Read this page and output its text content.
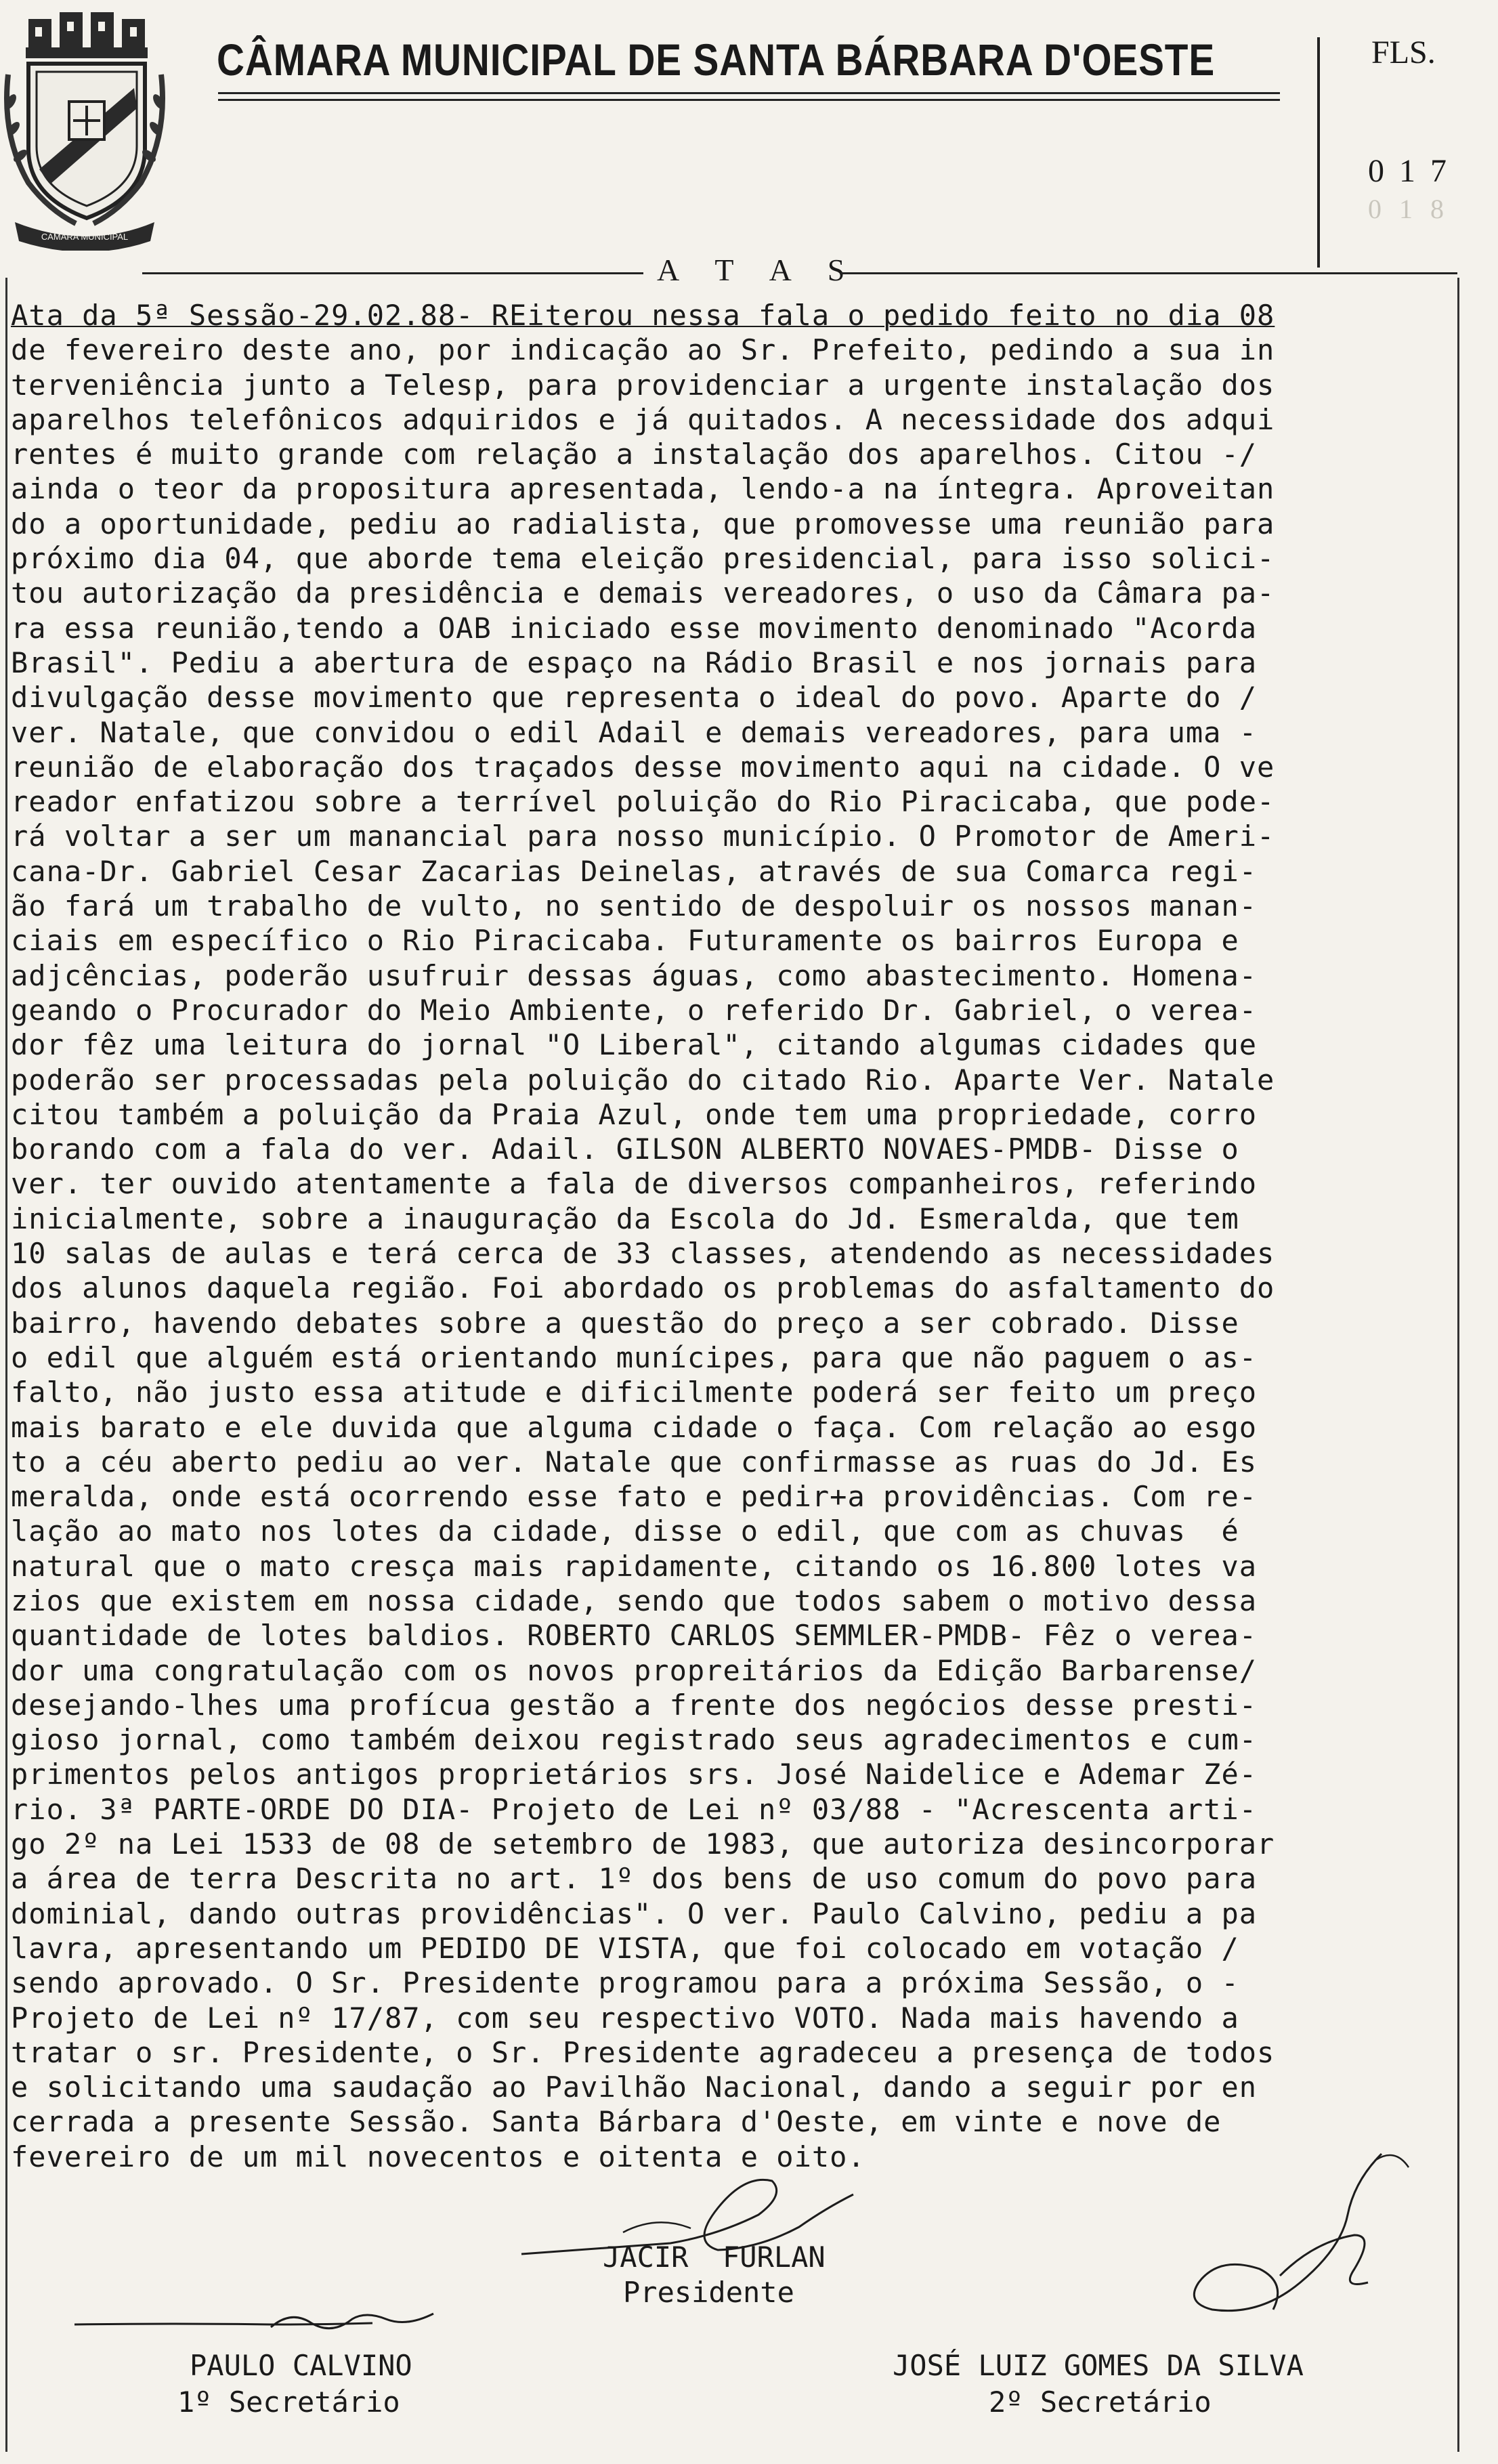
CAMARA MUNICIPAL
CÂMARA MUNICIPAL DE SANTA BÁRBARA D'OESTE	FLS.
017
018
A T A S
Ata da 5ª Sessão-29.02.88- REiterou nessa fala o pedido feito no dia 08
de fevereiro deste ano, por indicação ao Sr. Prefeito, pedindo a sua in
terveniência junto a Telesp, para providenciar a urgente instalação dos
aparelhos telefônicos adquiridos e já quitados. A necessidade dos adqui
rentes é muito grande com relação a instalação dos aparelhos. Citou -/
ainda o teor da propositura apresentada, lendo-a na íntegra. Aproveitan
do a oportunidade, pediu ao radialista, que promovesse uma reunião para
próximo dia 04, que aborde tema eleição presidencial, para isso solici-
tou autorização da presidência e demais vereadores, o uso da Câmara pa-
ra essa reunião,tendo a OAB iniciado esse movimento denominado "Acorda
Brasil". Pediu a abertura de espaço na Rádio Brasil e nos jornais para
divulgação desse movimento que representa o ideal do povo. Aparte do /
ver. Natale, que convidou o edil Adail e demais vereadores, para uma -
reunião de elaboração dos traçados desse movimento aqui na cidade. O ve
reador enfatizou sobre a terrível poluição do Rio Piracicaba, que pode-
rá voltar a ser um manancial para nosso município. O Promotor de Ameri-
cana-Dr. Gabriel Cesar Zacarias Deinelas, através de sua Comarca regi-
ão fará um trabalho de vulto, no sentido de despoluir os nossos manan-
ciais em específico o Rio Piracicaba. Futuramente os bairros Europa e
adjcências, poderão usufruir dessas águas, como abastecimento. Homena-
geando o Procurador do Meio Ambiente, o referido Dr. Gabriel, o verea-
dor fêz uma leitura do jornal "O Liberal", citando algumas cidades que
poderão ser processadas pela poluição do citado Rio. Aparte Ver. Natale
citou também a poluição da Praia Azul, onde tem uma propriedade, corro
borando com a fala do ver. Adail. GILSON ALBERTO NOVAES-PMDB- Disse o
ver. ter ouvido atentamente a fala de diversos companheiros, referindo
inicialmente, sobre a inauguração da Escola do Jd. Esmeralda, que tem
10 salas de aulas e terá cerca de 33 classes, atendendo as necessidades
dos alunos daquela região. Foi abordado os problemas do asfaltamento do
bairro, havendo debates sobre a questão do preço a ser cobrado. Disse
o edil que alguém está orientando munícipes, para que não paguem o as-
falto, não justo essa atitude e dificilmente poderá ser feito um preço
mais barato e ele duvida que alguma cidade o faça. Com relação ao esgo
to a céu aberto pediu ao ver. Natale que confirmasse as ruas do Jd. Es
meralda, onde está ocorrendo esse fato e pedir+a providências. Com re-
lação ao mato nos lotes da cidade, disse o edil, que com as chuvas  é
natural que o mato cresça mais rapidamente, citando os 16.800 lotes va
zios que existem em nossa cidade, sendo que todos sabem o motivo dessa
quantidade de lotes baldios. ROBERTO CARLOS SEMMLER-PMDB- Fêz o verea-
dor uma congratulação com os novos propreitários da Edição Barbarense/
desejando-lhes uma profícua gestão a frente dos negócios desse presti-
gioso jornal, como também deixou registrado seus agradecimentos e cum-
primentos pelos antigos proprietários srs. José Naidelice e Ademar Zé-
rio. 3ª PARTE-ORDE DO DIA- Projeto de Lei nº 03/88 - "Acrescenta arti-
go 2º na Lei 1533 de 08 de setembro de 1983, que autoriza desincorporar
a área de terra Descrita no art. 1º dos bens de uso comum do povo para
dominial, dando outras providências". O ver. Paulo Calvino, pediu a pa
lavra, apresentando um PEDIDO DE VISTA, que foi colocado em votação /
sendo aprovado. O Sr. Presidente programou para a próxima Sessão, o -
Projeto de Lei nº 17/87, com seu respectivo VOTO. Nada mais havendo a
tratar o sr. Presidente, o Sr. Presidente agradeceu a presença de todos
e solicitando uma saudação ao Pavilhão Nacional, dando a seguir por en
cerrada a presente Sessão. Santa Bárbara d'Oeste, em vinte e nove de
fevereiro de um mil novecentos e oitenta e oito.
JACIR  FURLAN
Presidente
PAULO CALVINO
1º Secretário
JOSÉ LUIZ GOMES DA SILVA
2º Secretário
